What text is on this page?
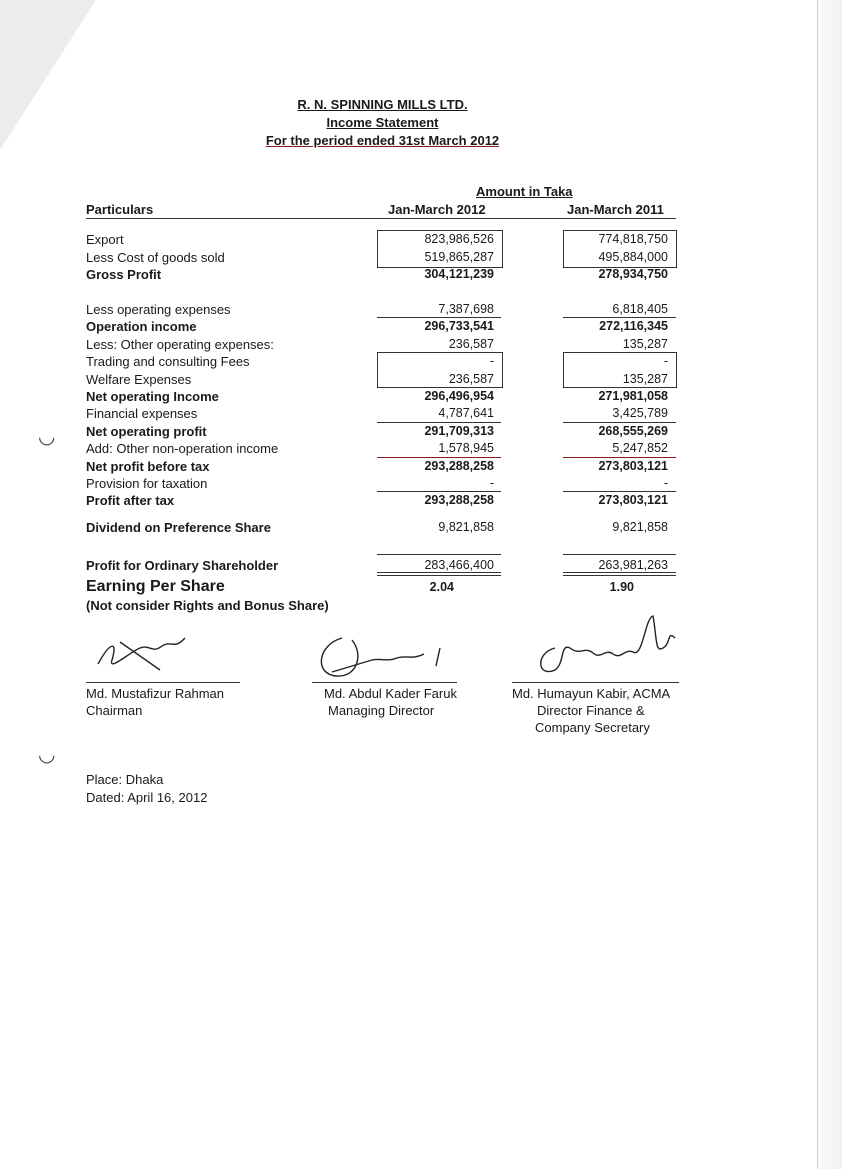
R. N. SPINNING MILLS LTD.
Income Statement
For the period ended 31st March 2012
Amount in Taka
Particulars	Jan-March 2012	Jan-March 2011
Export	823,986,526	774,818,750
Less Cost of goods sold	519,865,287	495,884,000
Gross Profit	304,121,239	278,934,750
Less operating expenses	7,387,698	6,818,405
Operation income	296,733,541	272,116,345
Less: Other operating expenses:	236,587	135,287
Trading and consulting Fees	-	-
Welfare Expenses	236,587	135,287
Net operating Income	296,496,954	271,981,058
Financial expenses	4,787,641	3,425,789
Net operating profit	291,709,313	268,555,269
Add: Other non-operation income	1,578,945	5,247,852
Net profit before tax	293,288,258	273,803,121
Provision for taxation	-	-
Profit after tax	293,288,258	273,803,121
Dividend on Preference Share	9,821,858	9,821,858
Profit for Ordinary Shareholder	283,466,400	263,981,263
Earning Per Share	2.04	1.90
(Not consider Rights and Bonus Share)
Md. Mustafizur Rahman
Chairman
Md. Abdul Kader Faruk
Managing Director
Md. Humayun Kabir, ACMA
Director Finance &
Company Secretary
Place: Dhaka
Dated: April 16, 2012
◡
◡
